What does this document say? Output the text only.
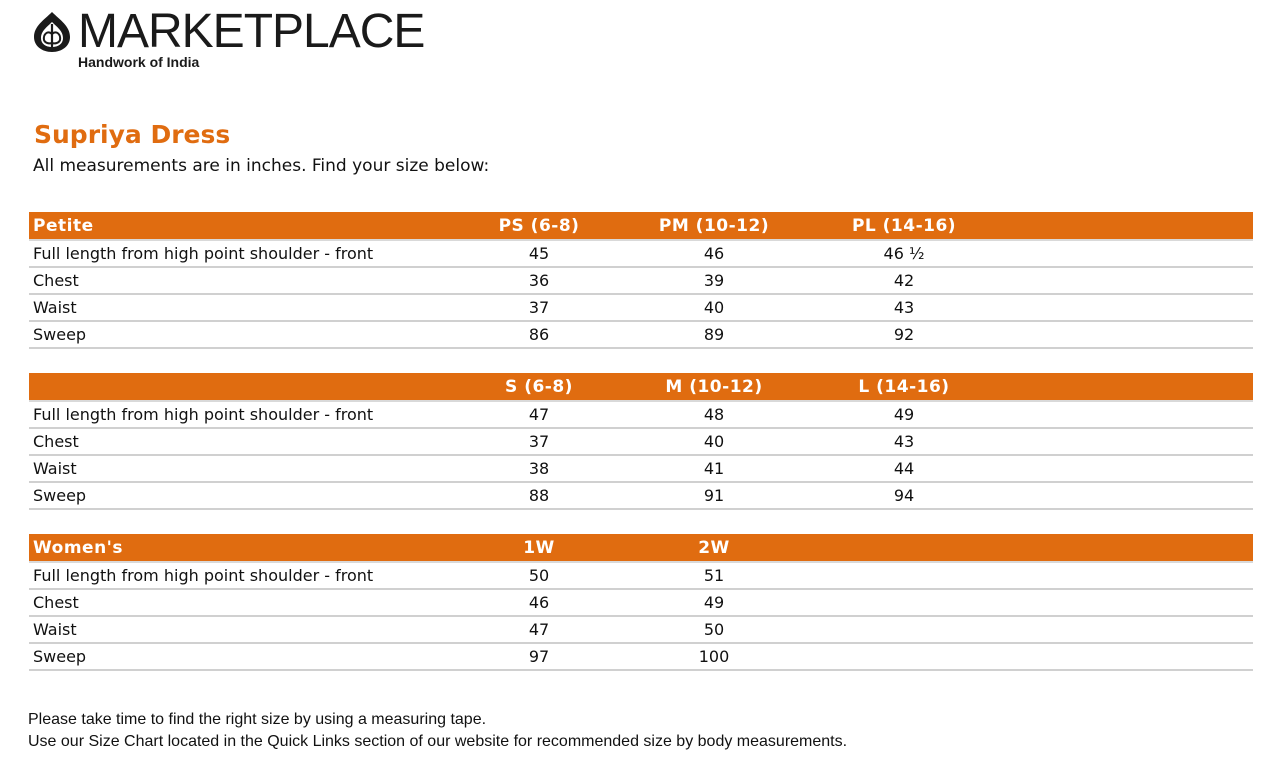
MARKETPLACE
Handwork of India
Supriya Dress
All measurements are in inches. Find your size below:
Petite	PS (6-8)	PM (10-12)	PL (14-16)	
Full length from high point shoulder - front	45	46	46 ½	
Chest	36	39	42	
Waist	37	40	43	
Sweep	86	89	92	
	S (6-8)	M (10-12)	L (14-16)	
Full length from high point shoulder - front	47	48	49	
Chest	37	40	43	
Waist	38	41	44	
Sweep	88	91	94	
Women's	1W	2W		
Full length from high point shoulder - front	50	51		
Chest	46	49		
Waist	47	50		
Sweep	97	100		
Please take time to find the right size by using a measuring tape.
Use our Size Chart located in the Quick Links section of our website for recommended size by body measurements.
